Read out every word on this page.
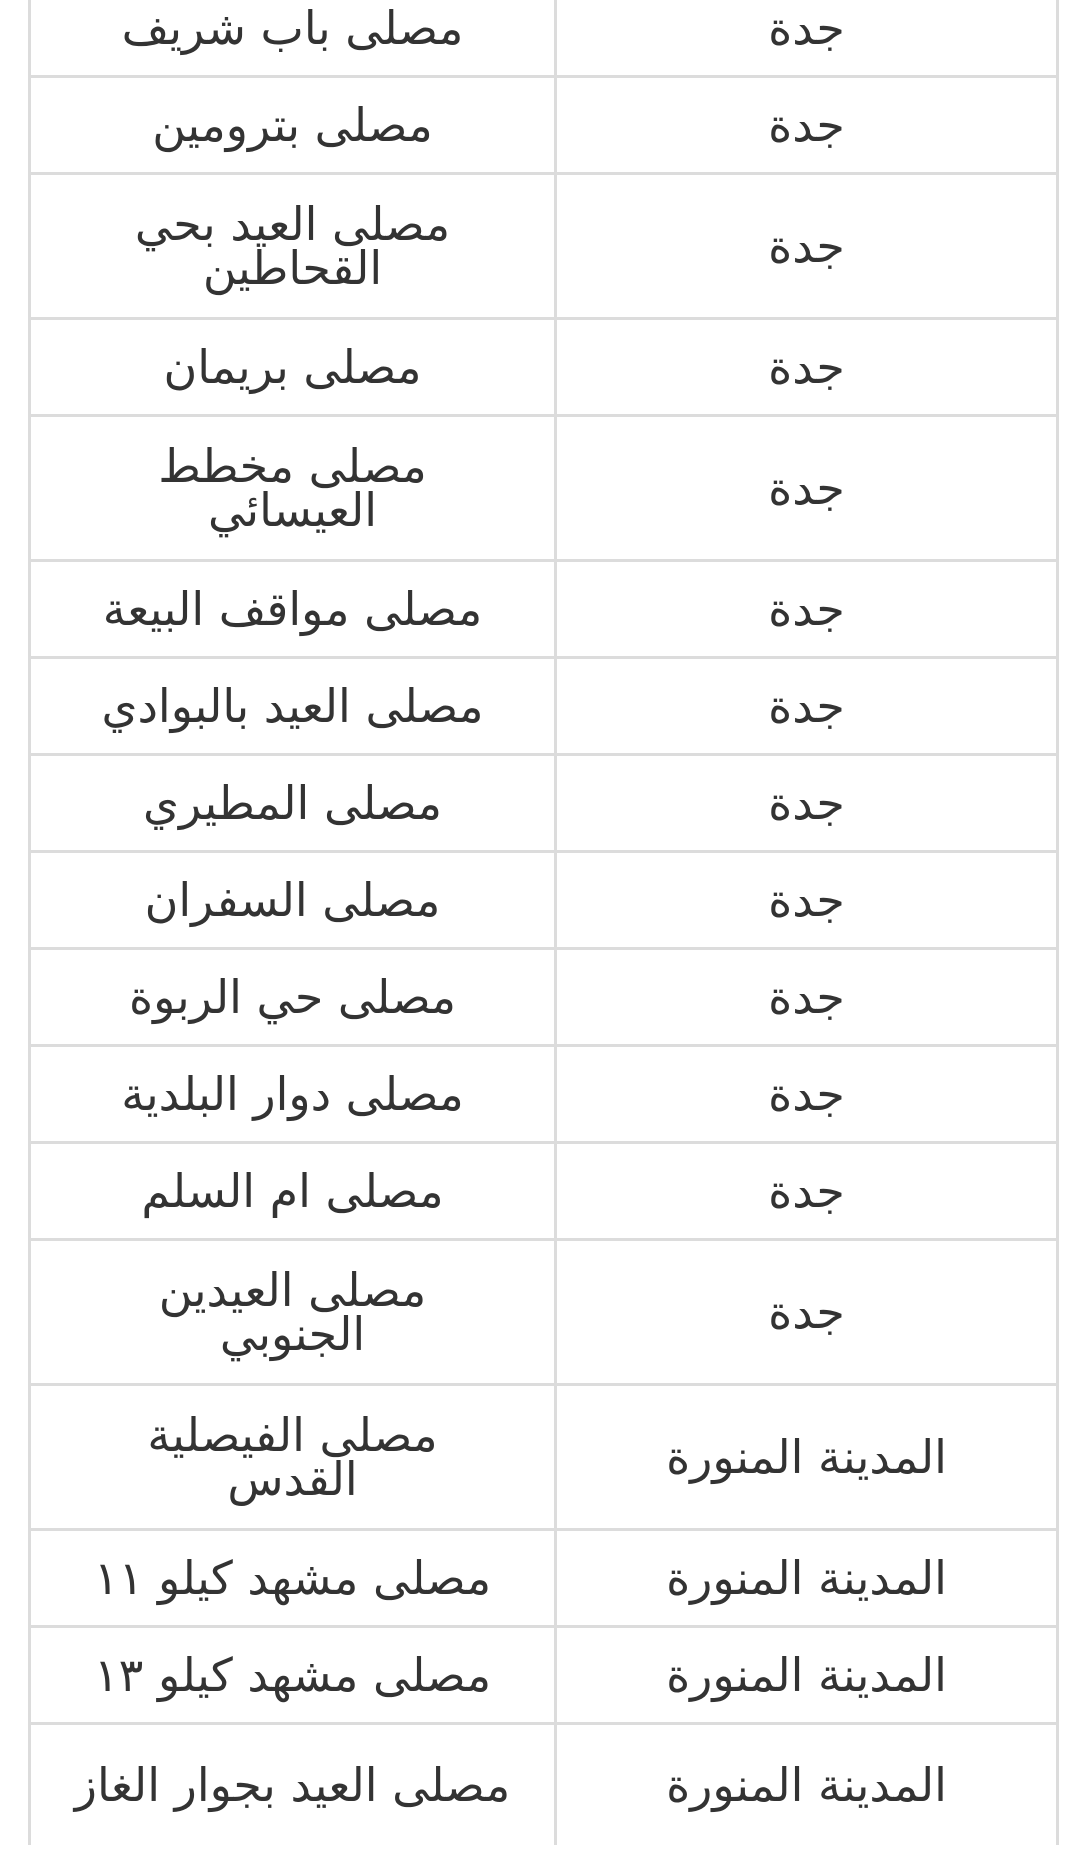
جدة	مصلى باب شريف
جدة	مصلى بترومين
جدة	مصلى العيد بحي القحاطين
جدة	مصلى بريمان
جدة	مصلى مخطط العيسائي
جدة	مصلى مواقف البيعة
جدة	مصلى العيد بالبوادي
جدة	مصلى المطيري
جدة	مصلى السفران
جدة	مصلى حي الربوة
جدة	مصلى دوار البلدية
جدة	مصلى ام السلم
جدة	مصلى العيدين الجنوبي
المدينة المنورة	مصلى الفيصلية القدس
المدينة المنورة	مصلى مشهد كيلو ١١
المدينة المنورة	مصلى مشهد كيلو ١٣
المدينة المنورة	مصلى العيد بجوار الغاز
